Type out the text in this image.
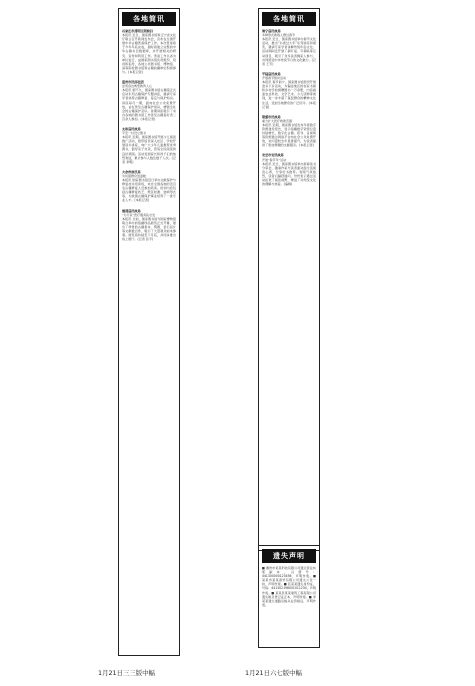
各地简讯
石家庄市清明文明祭扫
本报讯 近日，国家图书馆和辽宁省文化厅联合召开新闻发布会，宣布在全国开展中华古籍普查保护工作。本次普查将于今年年底完成，届时将建立完整的中华古籍书目数据库，并开展相关的研究、宣传和利用工作。普查工作以省为单位进行，由国家图书馆负责组织、培训和指导，各地公共图书馆、博物馆、高等院校图书馆等古籍收藏单位积极参与。(本报记者)
温州市民间社团
尝用身边典型教育人心
本报讯 据不久，国家图书馆古籍馆正式启动系列古籍保护专题讲座，邀请专家学者讲授古籍修复、鉴定与保护知识。讲座每月一期，面向社会公众免费开放，旨在普及古籍保护常识，增强全社会的古籍保护意识。首期讲座吸引了来自各地的图书馆工作者及古籍爱好者二百余人参加。(本报记者)
太和县民政局
平安一村设立图书
本报讯 近期，国家图书馆开展少儿阅读推广活动，组织馆员深入社区、学校开展读书讲座，向广大少年儿童推荐优秀图书，倡导亲子共读，营造全民阅读的良好氛围。活动受到家长和孩子们的热烈欢迎，累计参与人数达数千人次。(记者 李明)
大余州政民局
为贫困群众送温暖
本报讯 国家图书馆近日举办文献保护与修复技术培训班，来自全国各地的近百名古籍修复人员参加培训。培训内容包括古籍修复技艺、纸张检测、装帧形式等，为我国古籍保护事业培养了一批专业人才。(本报记者)
德清县民政局
“为万家”医疗服务队出发
本报讯 日前，国家图书馆与国家博物馆联合举办的馆藏珍品展览正式开幕，展出了珍贵的古籍善本、舆图、金石拓片等文献数百件，吸引了大量观众前来参观。展览将持续至下月底，并同步推出线上展厅。(记者 张平)
各地简讯
海宁县民政局
多种形式助残人群过春节
本报讯 近日，国家图书馆举办春节文化活动，推出“书香过大年”系列讲座和展览，邀请专家学者讲解传统年俗文化。活动期间还开展了猜灯谜、写春联等互动项目，吸引了众多读者携家人参与，共同感受中华传统节日的文化魅力。(记者 王芳)
平陆县民政局
开展春节慰问活动
本报讯 春节前夕，国家图书馆组织开展送书下乡活动，为偏远地区的农家书屋和乡村学校捐赠图书一万余册，内容涵盖农业科技、文学艺术、少儿读物等类别，进一步丰富了基层群众的精神文化生活，受到当地群众的广泛好评。(本报记者)
婺源市民政局
重力扩大医疗救助范围
本报讯 近期，国家图书馆发布年度数字资源建设报告，显示馆藏数字资源总量持续增长，数字化古籍、报刊、音视频等资源通过网络平台向社会公众免费开放，访问量较去年显著提升，为读者提供了更加便捷的文献服务。(本报记者)
安岳市安民政局
开展“春节年”活动
本报讯 近日，国家图书馆举办新春读书分享会，邀请作家与读者面对面交流阅读心得，分享好书推荐。现场气氛热烈，读者们踊跃提问，纷纷表示通过活动拓宽了阅读视野，增进了对传统文化的理解与热爱。(编辑)
遗失声明
■ 惠州市某某科技有限公司遗失营业执照副本，注册号：441300000123456，声明作废。■ 某某市某某商贸有限公司遗失公章一枚，声明作废。■ 张某某遗失身份证，号码：441302198001011234，声明作废。■ 某某县某某建筑工程有限公司遗失税务登记证正本，声明作废。■ 李某某遗失道路运输从业资格证，声明作废。
1月21日三三版中幅	1月21日六七版中幅
